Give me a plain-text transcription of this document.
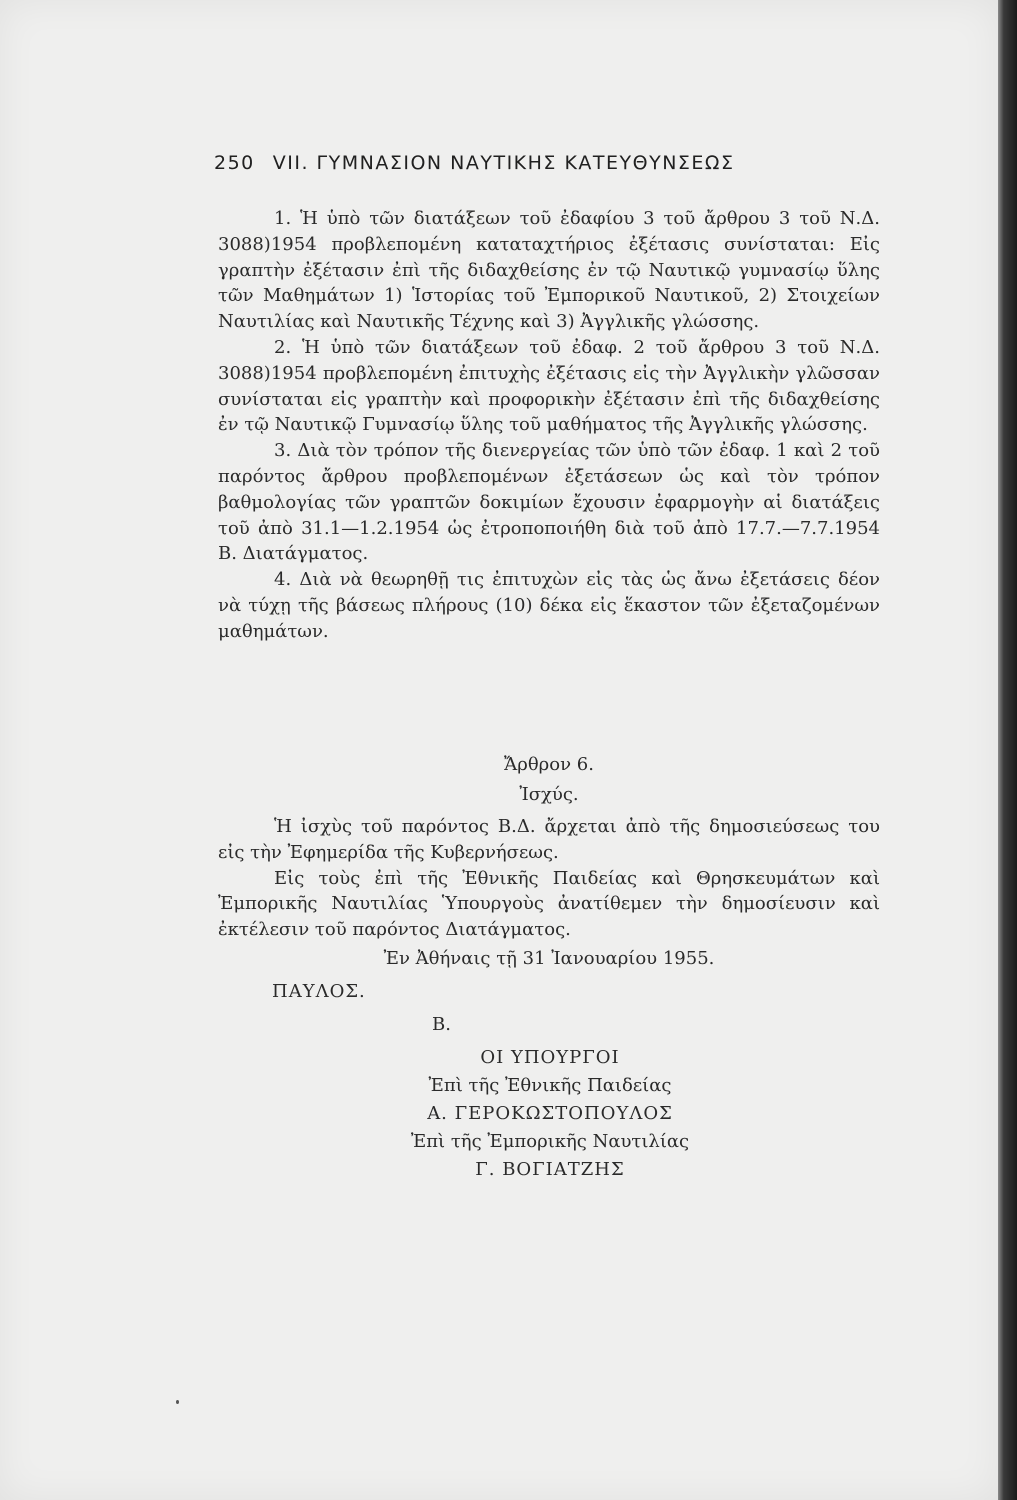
250 VII. ΓΥΜΝΑΣΙΟΝ ΝΑΥΤΙΚΗΣ ΚΑΤΕΥΘΥΝΣΕΩΣ

1. Ἡ ὑπὸ τῶν διατάξεων τοῦ ἐδαφίου 3 τοῦ ἄρθρου 3 τοῦ Ν.Δ. 3088)1954 προβλεπομένη καταταχτήριος ἐξέτασις συνίσταται: Εἰς γραπτὴν ἐξέτασιν ἐπὶ τῆς διδαχθείσης ἐν τῷ Ναυτικῷ γυμνασίῳ ὕλης τῶν Μαθημάτων 1) Ἱστορίας τοῦ Ἐμπορικοῦ Ναυτικοῦ, 2) Στοιχείων Ναυτιλίας καὶ Ναυτικῆς Τέχνης καὶ 3) Ἀγγλικῆς γλώσσης.

2. Ἡ ὑπὸ τῶν διατάξεων τοῦ ἐδαφ. 2 τοῦ ἄρθρου 3 τοῦ Ν.Δ. 3088)1954 προβλεπομένη ἐπιτυχὴς ἐξέτασις εἰς τὴν Ἀγγλικὴν γλῶσσαν συνίσταται εἰς γραπτὴν καὶ προφορικὴν ἐξέτασιν ἐπὶ τῆς διδαχθείσης ἐν τῷ Ναυτικῷ Γυμνασίῳ ὕλης τοῦ μαθήματος τῆς Ἀγγλικῆς γλώσσης.

3. Διὰ τὸν τρόπον τῆς διενεργείας τῶν ὑπὸ τῶν ἐδαφ. 1 καὶ 2 τοῦ παρόντος ἄρθρου προβλεπομένων ἐξετάσεων ὡς καὶ τὸν τρόπον βαθμολογίας τῶν γραπτῶν δοκιμίων ἔχουσιν ἐφαρμογὴν αἱ διατάξεις τοῦ ἀπὸ 31.1—1.2.1954 ὡς ἐτροποποιήθη διὰ τοῦ ἀπὸ 17.7.—7.7.1954 Β. Διατάγματος.

4. Διὰ νὰ θεωρηθῇ τις ἐπιτυχὼν εἰς τὰς ὡς ἄνω ἐξετάσεις δέον νὰ τύχῃ τῆς βάσεως πλήρους (10) δέκα εἰς ἕκαστον τῶν ἐξεταζομένων μαθημάτων.

Ἄρθρον 6.
Ἰσχύς.

Ἡ ἰσχὺς τοῦ παρόντος Β.Δ. ἄρχεται ἀπὸ τῆς δημοσιεύσεως του εἰς τὴν Ἐφημερίδα τῆς Κυβερνήσεως.

Εἰς τοὺς ἐπὶ τῆς Ἐθνικῆς Παιδείας καὶ Θρησκευμάτων καὶ Ἐμπορικῆς Ναυτιλίας Ὑπουργοὺς ἀνατίθεμεν τὴν δημοσίευσιν καὶ ἐκτέλεσιν τοῦ παρόντος Διατάγματος.

Ἐν Ἀθήναις τῇ 31 Ἰανουαρίου 1955.
ΠΑΥΛΟΣ.
Β.
ΟΙ ΥΠΟΥΡΓΟΙ
Ἐπὶ τῆς Ἐθνικῆς Παιδείας
Α. ΓΕΡΟΚΩΣΤΟΠΟΥΛΟΣ
Ἐπὶ τῆς Ἐμπορικῆς Ναυτιλίας
Γ. ΒΟΓΙΑΤΖΗΣ
